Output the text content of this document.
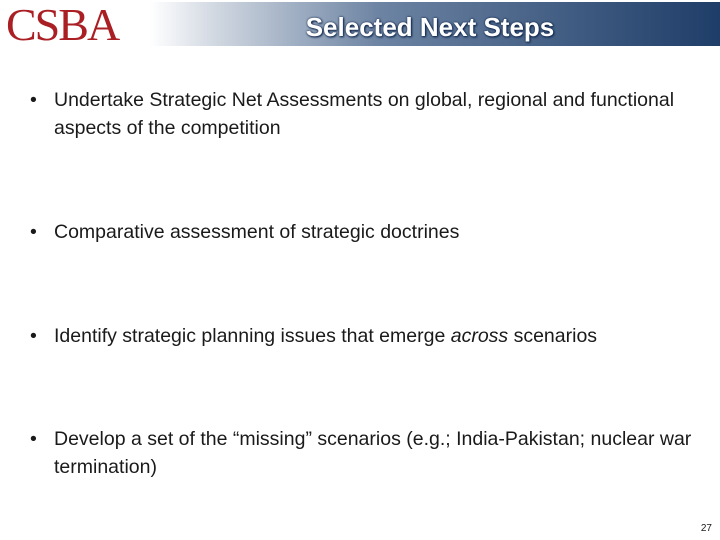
CSBA	Selected Next Steps
• Undertake Strategic Net Assessments on global, regional and functional aspects of the competition
• Comparative assessment of strategic doctrines
• Identify strategic planning issues that emerge across scenarios
• Develop a set of the “missing” scenarios (e.g.; India-Pakistan; nuclear war termination)
27
